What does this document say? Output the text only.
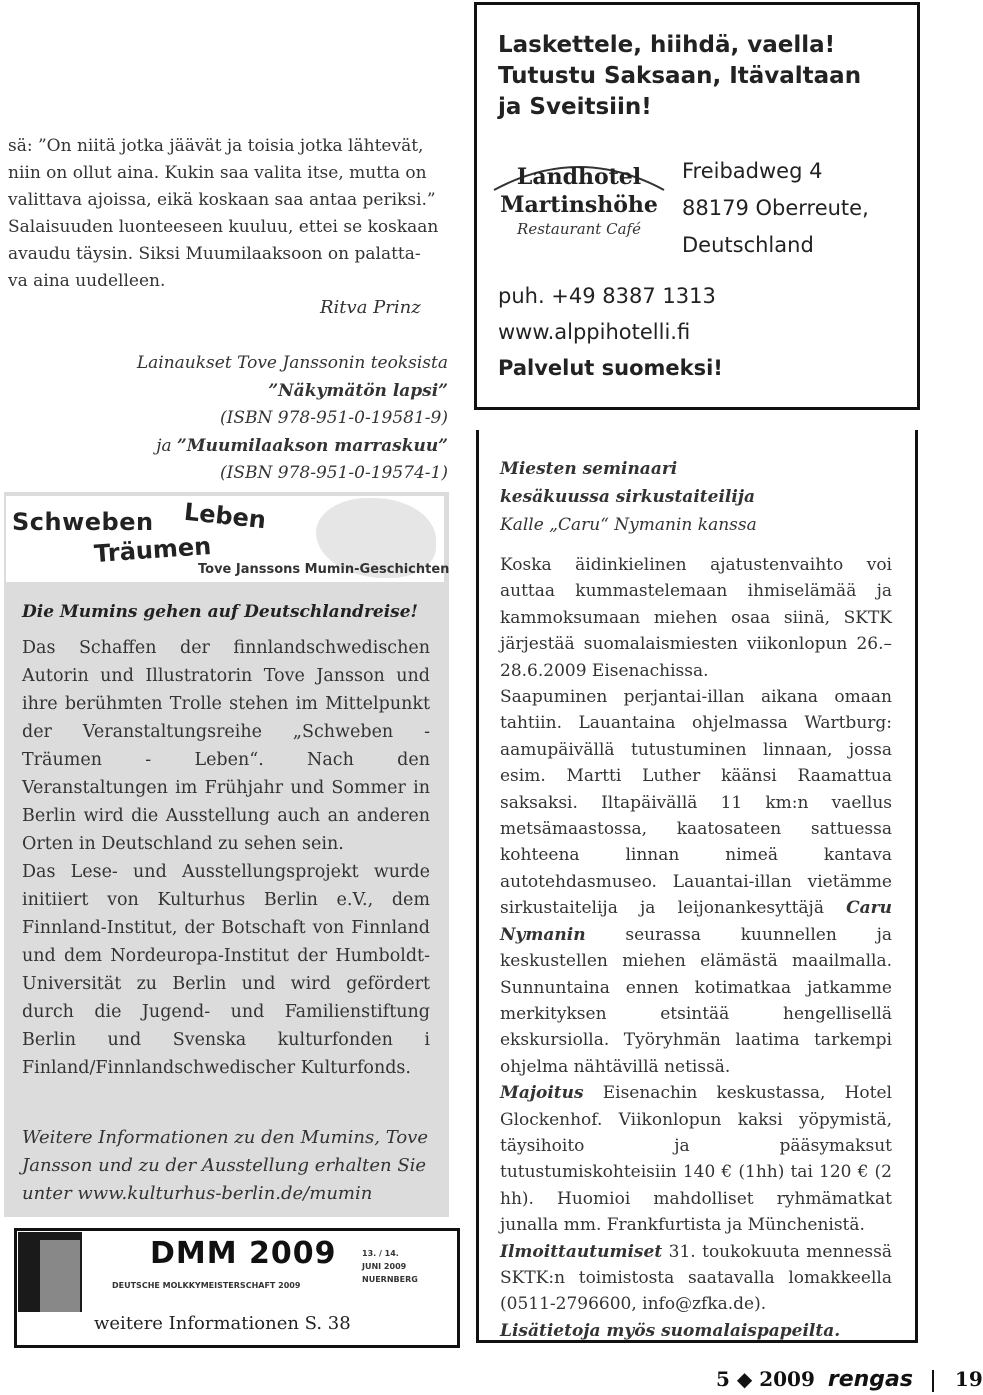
sä: ”On niitä jotka jäävät ja toisia jotka lähtevät,
niin on ollut aina. Kukin saa valita itse, mutta on
valittava ajoissa, eikä koskaan saa antaa periksi.”
Salaisuuden luonteeseen kuuluu, ettei se koskaan
avaudu täysin. Siksi Muumilaaksoon on palatta-
va aina uudelleen.
Ritva Prinz
Lainaukset Tove Janssonin teoksista
”Näkymätön lapsi”
(ISBN 978-951-0-19581-9)
ja ”Muumilaakson marraskuu”
(ISBN 978-951-0-19574-1)
Schweben Leben
Träumen
Tove Janssons Mumin-Geschichten
Die Mumins gehen auf Deutschlandreise!

Das Schaffen der finnlandschwedischen Autorin und Illustratorin Tove Jansson und ihre berühmten Trolle stehen im Mittelpunkt der Veranstaltungsreihe „Schweben - Träumen - Leben“. Nach den Veranstaltungen im Frühjahr und Sommer in Berlin wird die Ausstellung auch an anderen Orten in Deutschland zu sehen sein.

Das Lese- und Ausstellungsprojekt wurde initiiert von Kulturhus Berlin e.V., dem Finnland-Institut, der Botschaft von Finnland und dem Nordeuropa-Institut der Humboldt-Universität zu Berlin und wird gefördert durch die Jugend- und Familienstiftung Berlin und Svenska kulturfonden i Finland/Finnlandschwedischer Kulturfonds.

Weitere Informationen zu den Mumins, Tove Jansson und zu der Ausstellung erhalten Sie unter www.kulturhus-berlin.de/mumin
DMM 2009
DEUTSCHE MOLKKYMEISTERSCHAFT 2009
13. / 14.
JUNI 2009
NUERNBERG
weitere Informationen S. 38
Laskettele, hiihdä, vaella!
Tutustu Saksaan, Itävaltaan
ja Sveitsiin!
Landhotel
Martinshöhe
Restaurant Café
Freibadweg 4
88179 Oberreute,
Deutschland
puh. +49 8387 1313
www.alppihotelli.fi
Palvelut suomeksi!
Miesten seminaari
kesäkuussa sirkustaiteilija
Kalle „Caru“ Nymanin kanssa

Koska äidinkielinen ajatustenvaihto voi auttaa kummastelemaan ihmiselämää ja kammoksumaan miehen osaa siinä, SKTK järjestää suomalaismiesten viikonlopun 26.–28.6.2009 Eisenachissa.

Saapuminen perjantai-illan aikana omaan tahtiin. Lauantaina ohjelmassa Wartburg: aamupäivällä tutustuminen linnaan, jossa esim. Martti Luther käänsi Raamattua saksaksi. Iltapäivällä 11 km:n vaellus metsämaastossa, kaatosateen sattuessa kohteena linnan nimeä kantava autotehdasmuseo. Lauantai-illan vietämme sirkustaitelija ja leijonankesyttäjä Caru Nymanin seurassa kuunnellen ja keskustellen miehen elämästä maailmalla. Sunnuntaina ennen kotimatkaa jatkamme merkityksen etsintää hengellisellä ekskursiolla. Työryhmän laatima tarkempi ohjelma nähtävillä netissä.

Majoitus Eisenachin keskustassa, Hotel Glockenhof. Viikonlopun kaksi yöpymistä, täysihoito ja pääsymaksut tutustumiskohteisiin 140 € (1hh) tai 120 € (2 hh). Huomioi mahdolliset ryhmämatkat junalla mm. Frankfurtista ja Münchenistä.

Ilmoittautumiset 31. toukokuuta mennessä SKTK:n toimistosta saatavalla lomakkeella (0511-2796600, info@zfka.de).

Lisätietoja myös suomalaispapeilta.

5 ◆ 2009 rengas 19
